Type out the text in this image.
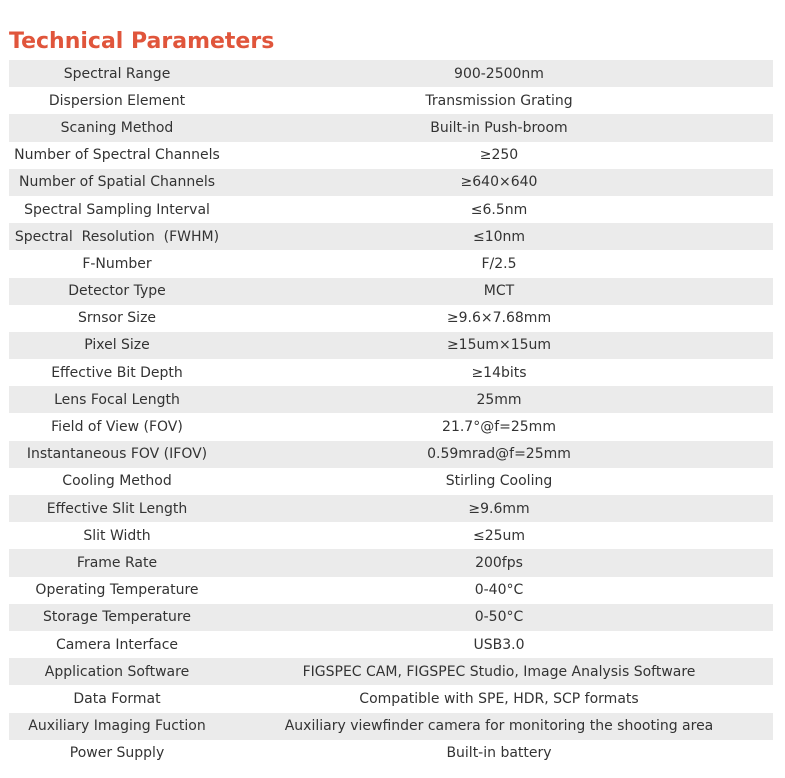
Technical Parameters
Spectral Range	900-2500nm
Dispersion Element	Transmission Grating
Scaning Method	Built-in Push-broom
Number of Spectral Channels	≥250
Number of Spatial Channels	≥640×640
Spectral Sampling Interval	≤6.5nm
Spectral  Resolution  (FWHM)	≤10nm
F-Number	F/2.5
Detector Type	MCT
Srnsor Size	≥9.6×7.68mm
Pixel Size	≥15um×15um
Effective Bit Depth	≥14bits
Lens Focal Length	25mm
Field of View (FOV)	21.7°@f=25mm
Instantaneous FOV (IFOV)	0.59mrad@f=25mm
Cooling Method	Stirling Cooling
Effective Slit Length	≥9.6mm
Slit Width	≤25um
Frame Rate	200fps
Operating Temperature	0-40°C
Storage Temperature	0-50°C
Camera Interface	USB3.0
Application Software	FIGSPEC CAM, FIGSPEC Studio, Image Analysis Software
Data Format	Compatible with SPE, HDR, SCP formats
Auxiliary Imaging Fuction	Auxiliary viewfinder camera for monitoring the shooting area
Power Supply	Built-in battery
